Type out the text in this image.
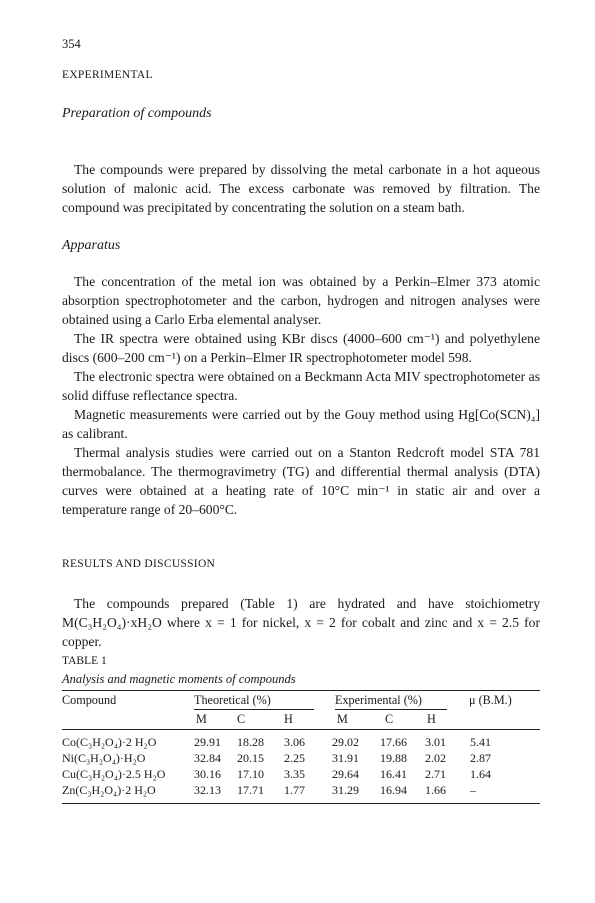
354
EXPERIMENTAL
Preparation of compounds

The compounds were prepared by dissolving the metal carbonate in a hot aqueous solution of malonic acid. The excess carbonate was removed by filtration. The compound was precipitated by concentrating the solution on a steam bath.

Apparatus

The concentration of the metal ion was obtained by a Perkin–Elmer 373 atomic absorption spectrophotometer and the carbon, hydrogen and nitrogen analyses were obtained using a Carlo Erba elemental analyser.

The IR spectra were obtained using KBr discs (4000–600 cm⁻¹) and polyethylene discs (600–200 cm⁻¹) on a Perkin–Elmer IR spectrophotometer model 598.

The electronic spectra were obtained on a Beckmann Acta MIV spectrophotometer as solid diffuse reflectance spectra.

Magnetic measurements were carried out by the Gouy method using Hg[Co(SCN)₄] as calibrant.

Thermal analysis studies were carried out on a Stanton Redcroft model STA 781 thermobalance. The thermogravimetry (TG) and differential thermal analysis (DTA) curves were obtained at a heating rate of 10°C min⁻¹ in static air and over a temperature range of 20–600°C.

RESULTS AND DISCUSSION

The compounds prepared (Table 1) are hydrated and have stoichiometry M(C₃H₂O₄)·xH₂O where x = 1 for nickel, x = 2 for cobalt and zinc and x = 2.5 for copper.

TABLE 1
Analysis and magnetic moments of compounds
Compound	Theoretical (%)	Experimental (%)	μ (B.M.)
M C	H	M	C	H
Co(C₃H₂O₄)·2 H₂O	29.91 18.28 3.06 29.02 17.66 3.01 5.41
Ni(C₃H₂O₄)·H₂O	32.84 20.15 2.25 31.91 19.88 2.02 2.87
Cu(C₃H₂O₄)·2.5 H₂O 30.16 17.10 3.35 29.64 16.41 2.71 1.64
Zn(C₃H₂O₄)·2 H₂O	32.13 17.71 1.77 31.29 16.94 1.66 –
